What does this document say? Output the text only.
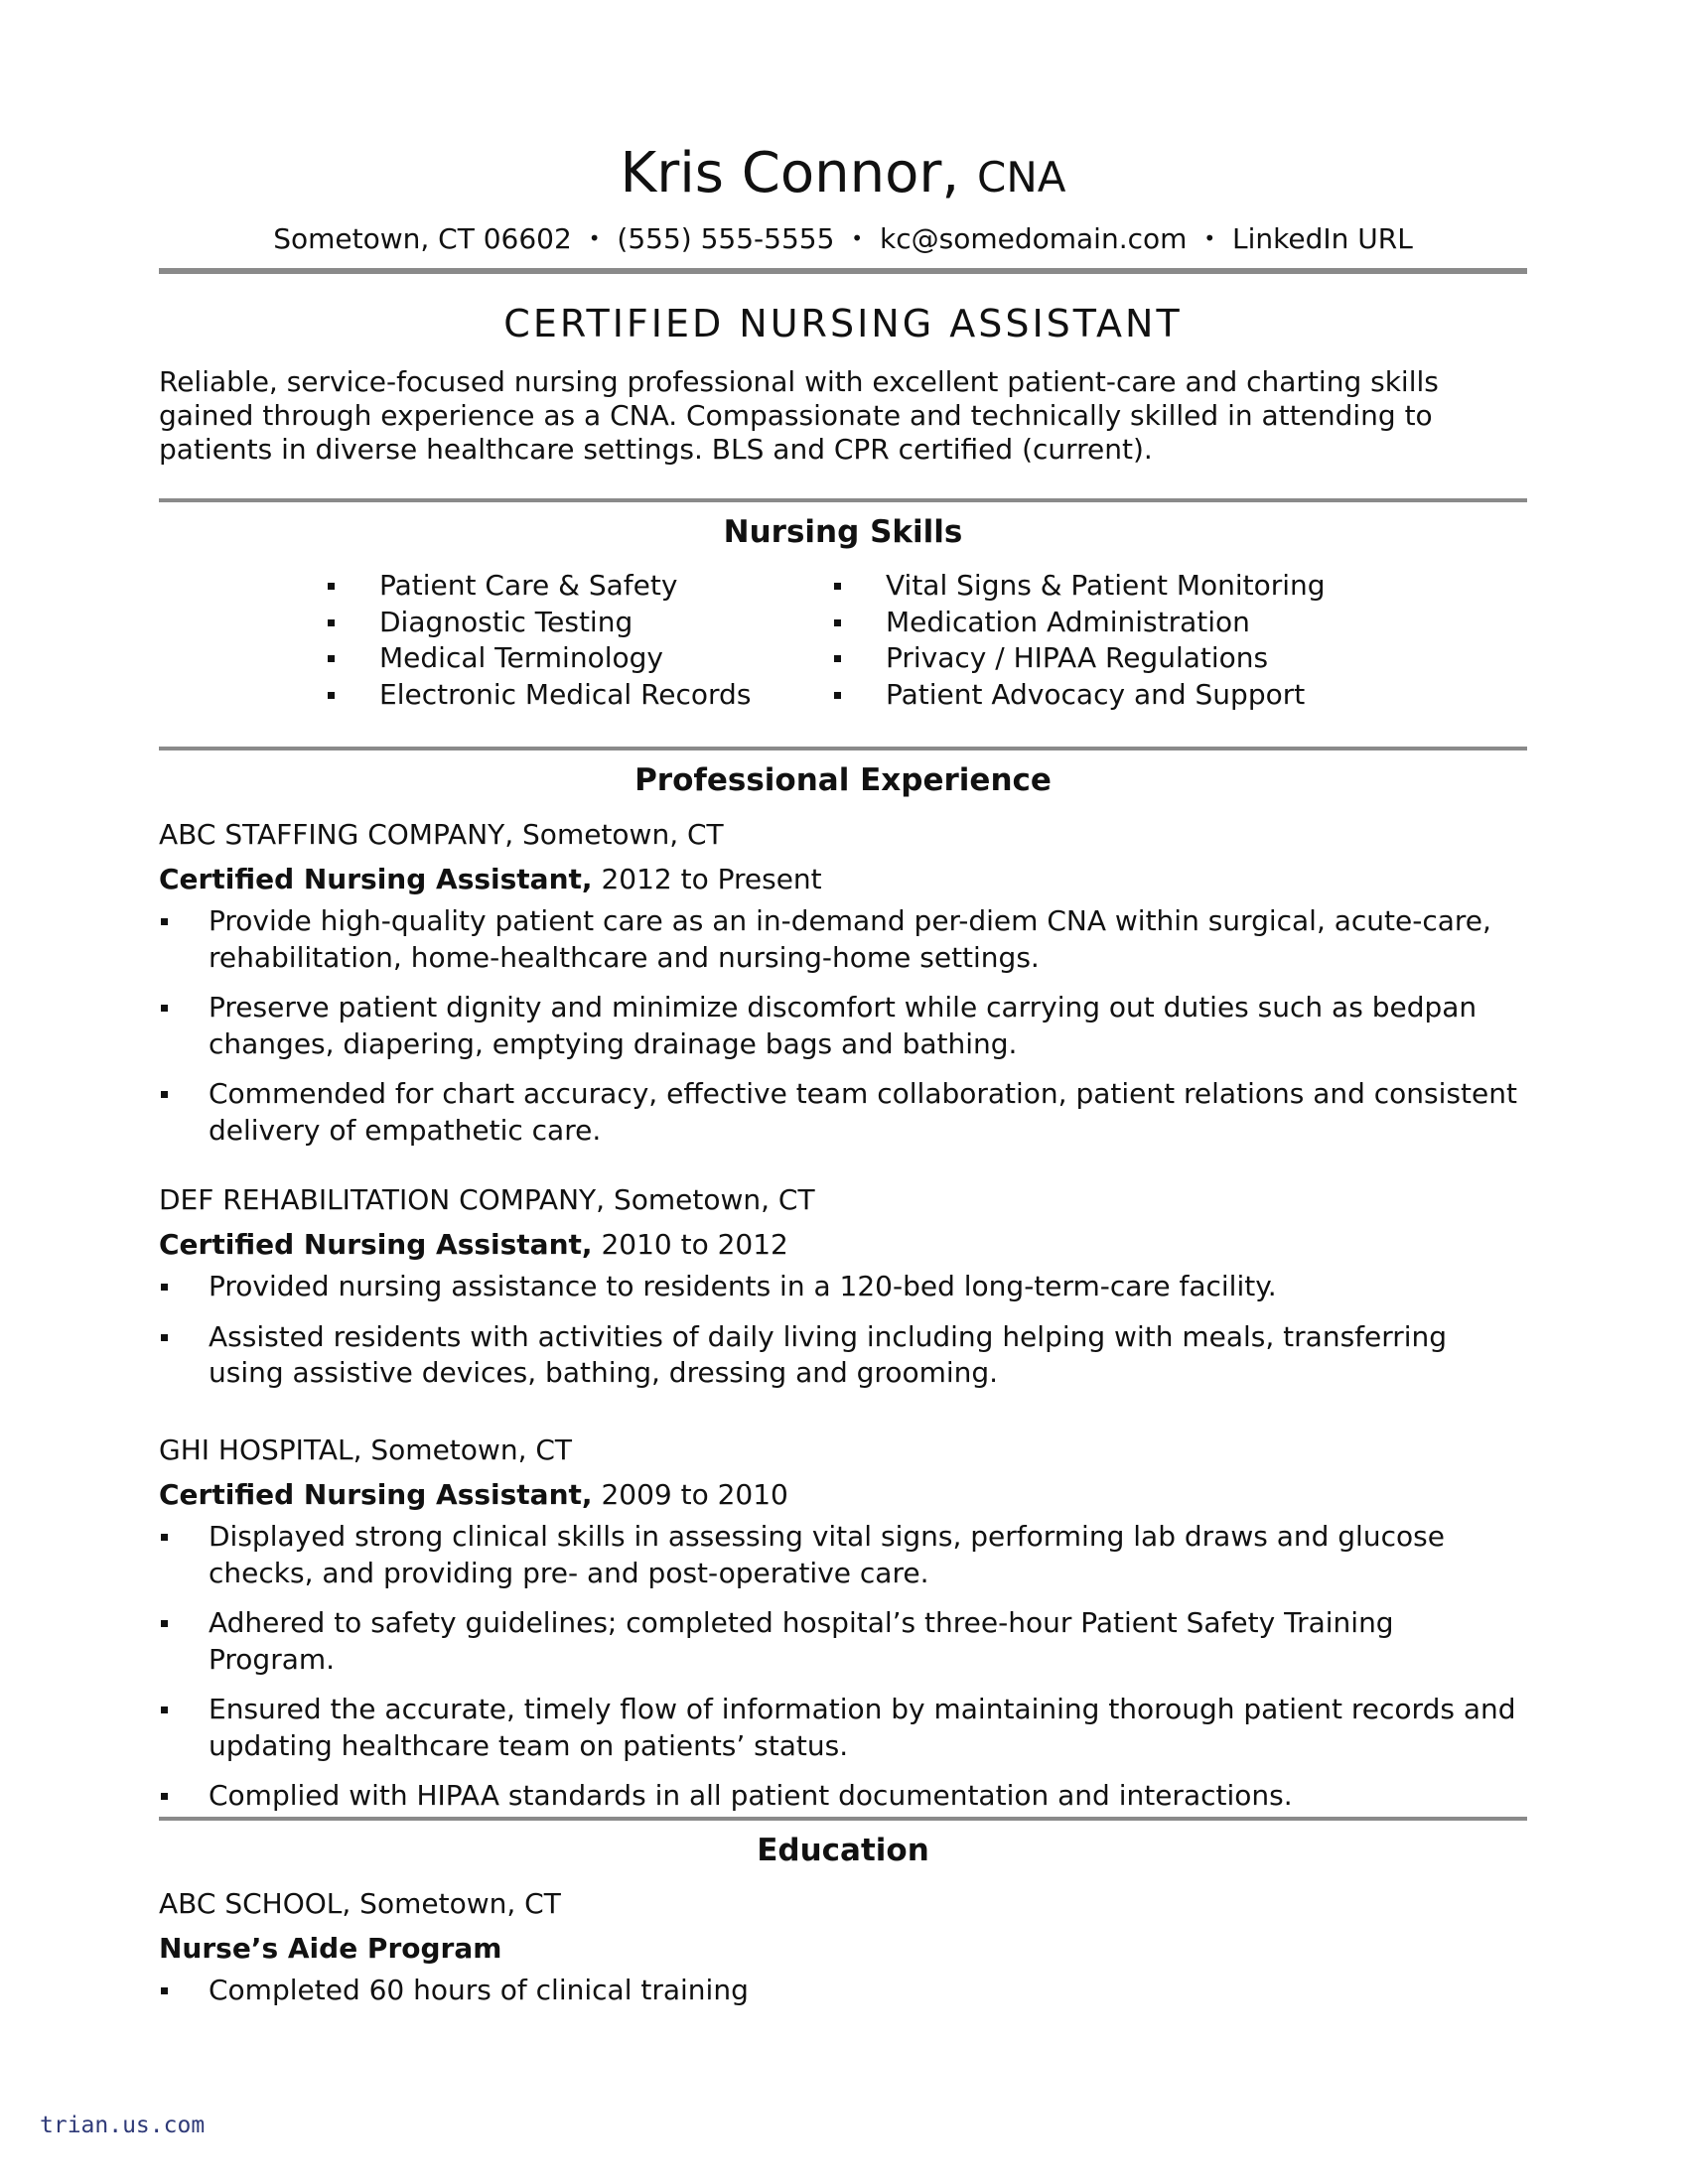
Kris Connor, CNA
Sometown, CT 06602 • (555) 555-5555 • kc@somedomain.com • LinkedIn URL
CERTIFIED NURSING ASSISTANT

Reliable, service-focused nursing professional with excellent patient-care and charting skills gained through experience as a CNA. Compassionate and technically skilled in attending to patients in diverse healthcare settings. BLS and CPR certified (current).

Nursing Skills
Patient Care & Safety
Diagnostic Testing
Medical Terminology
Electronic Medical Records
Vital Signs & Patient Monitoring
Medication Administration
Privacy / HIPAA Regulations
Patient Advocacy and Support
Professional Experience
ABC STAFFING COMPANY, Sometown, CT
Certified Nursing Assistant, 2012 to Present
Provide high-quality patient care as an in-demand per-diem CNA within surgical, acute-care, rehabilitation, home-healthcare and nursing-home settings.
Preserve patient dignity and minimize discomfort while carrying out duties such as bedpan changes, diapering, emptying drainage bags and bathing.
Commended for chart accuracy, effective team collaboration, patient relations and consistent delivery of empathetic care.
DEF REHABILITATION COMPANY, Sometown, CT
Certified Nursing Assistant, 2010 to 2012
Provided nursing assistance to residents in a 120-bed long-term-care facility.
Assisted residents with activities of daily living including helping with meals, transferring using assistive devices, bathing, dressing and grooming.
GHI HOSPITAL, Sometown, CT
Certified Nursing Assistant, 2009 to 2010
Displayed strong clinical skills in assessing vital signs, performing lab draws and glucose checks, and providing pre- and post-operative care.
Adhered to safety guidelines; completed hospital’s three-hour Patient Safety Training Program.
Ensured the accurate, timely flow of information by maintaining thorough patient records and updating healthcare team on patients’ status.
Complied with HIPAA standards in all patient documentation and interactions.
Education
ABC SCHOOL, Sometown, CT
Nurse’s Aide Program
Completed 60 hours of clinical training
trian.us.com
